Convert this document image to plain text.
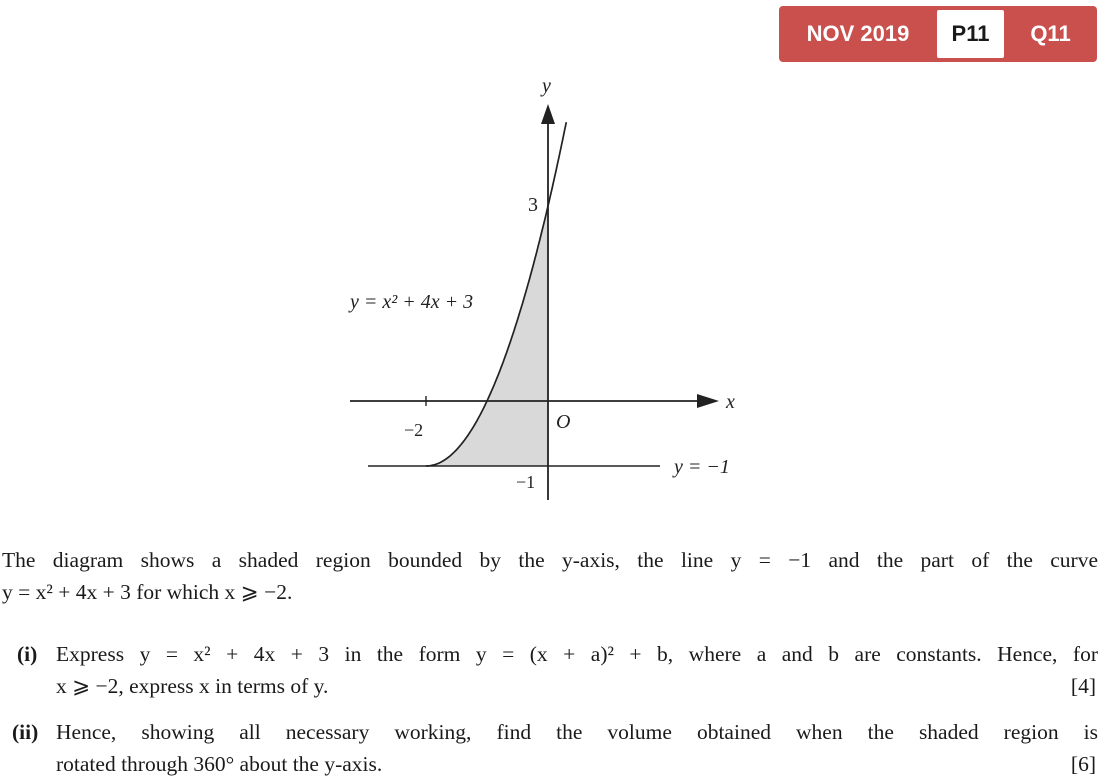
NOV 2019	P11	Q11
y
x
O
3
−2
−1
y = x² + 4x + 3
y = −1
The diagram shows a shaded region bounded by the y-axis, the line y = −1 and the part of the curve
y = x² + 4x + 3 for which x ⩾ −2.
(i) Express y = x² + 4x + 3 in the form y = (x + a)² + b, where a and b are constants. Hence, for
x ⩾ −2, express x in terms of y.	[4]
(ii) Hence, showing all necessary working, find the volume obtained when the shaded region is
rotated through 360° about the y-axis.	[6]
